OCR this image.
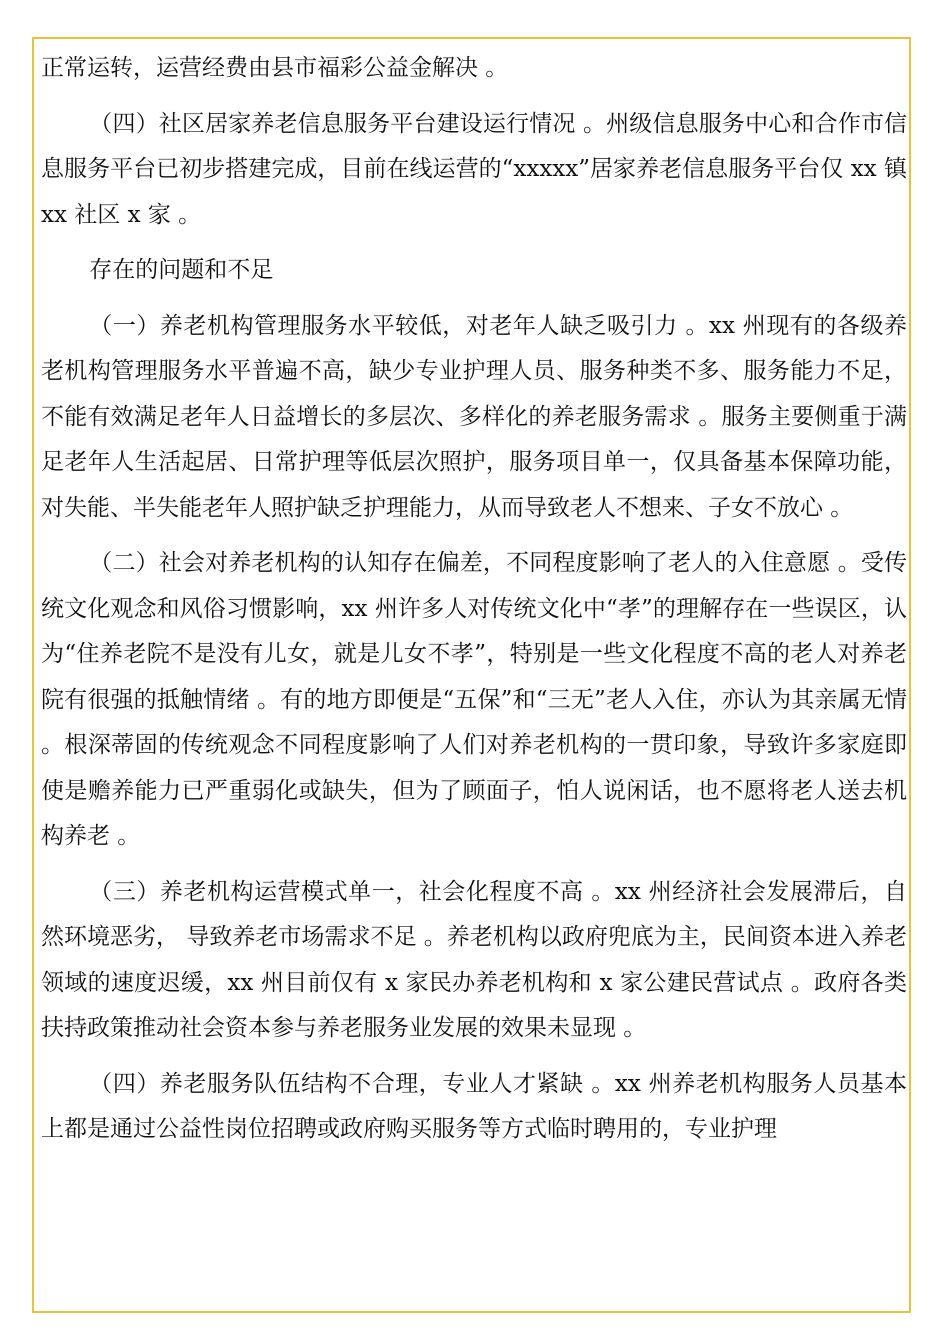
正常运转，运营经费由县市福彩公益金解决 。

（四）社区居家养老信息服务平台建设运行情况 。州级信息服务中心和合作市信息服务平台已初步搭建完成，目前在线运营的“xxxxx”居家养老信息服务平台仅 xx 镇 xx 社区 x 家 。

存在的问题和不足

（一）养老机构管理服务水平较低，对老年人缺乏吸引力 。xx 州现有的各级养老机构管理服务水平普遍不高，缺少专业护理人员、服务种类不多、服务能力不足，不能有效满足老年人日益增长的多层次、多样化的养老服务需求 。服务主要侧重于满足老年人生活起居、日常护理等低层次照护，服务项目单一，仅具备基本保障功能，对失能、半失能老年人照护缺乏护理能力，从而导致老人不想来、子女不放心 。

（二）社会对养老机构的认知存在偏差，不同程度影响了老人的入住意愿 。受传统文化观念和风俗习惯影响，xx 州许多人对传统文化中“孝”的理解存在一些误区，认为“住养老院不是没有儿女，就是儿女不孝”，特别是一些文化程度不高的老人对养老院有很强的抵触情绪 。有的地方即便是“五保”和“三无”老人入住，亦认为其亲属无情 。根深蒂固的传统观念不同程度影响了人们对养老机构的一贯印象，导致许多家庭即使是赡养能力已严重弱化或缺失，但为了顾面子，怕人说闲话，也不愿将老人送去机构养老 。

（三）养老机构运营模式单一，社会化程度不高 。xx 州经济社会发展滞后，自然环境恶劣， 导致养老市场需求不足 。养老机构以政府兜底为主，民间资本进入养老领域的速度迟缓，xx 州目前仅有 x 家民办养老机构和 x 家公建民营试点 。政府各类扶持政策推动社会资本参与养老服务业发展的效果未显现 。

（四）养老服务队伍结构不合理，专业人才紧缺 。xx 州养老机构服务人员基本上都是通过公益性岗位招聘或政府购买服务等方式临时聘用的，专业护理
